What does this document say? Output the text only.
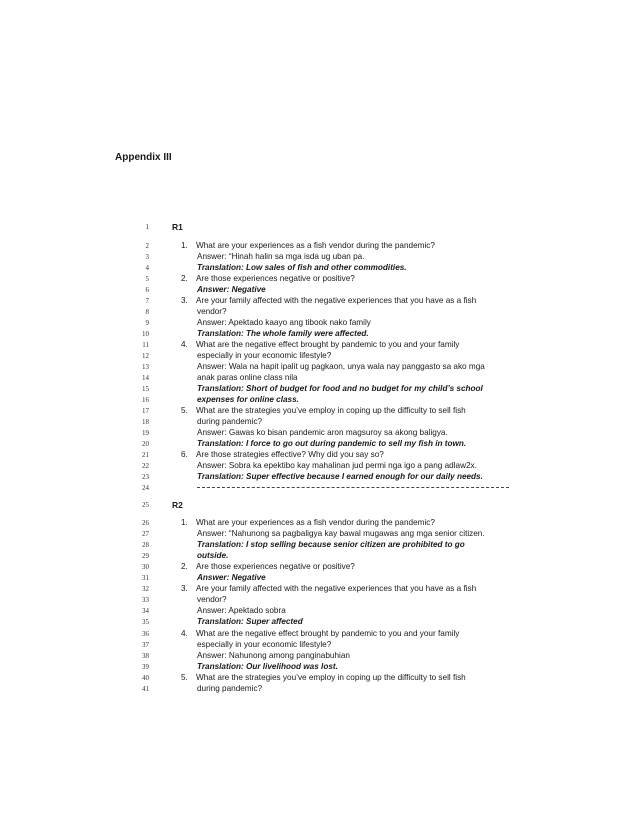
Appendix III
1	R1
2	1. What are your experiences as a fish vendor during the pandemic?
3	Answer: “Hinah halin sa mga isda ug uban pa.
4	Translation: Low sales of fish and other commodities.
5	2. Are those experiences negative or positive?
6	Answer: Negative
7	3. Are your family affected with the negative experiences that you have as a fish
8	vendor?
9	Answer: Apektado kaayo ang tibook nako family
10	Translation: The whole family were affected.
11	4. What are the negative effect brought by pandemic to you and your family
12	especially in your economic lifestyle?
13	Answer: Wala na hapit ipalit ug pagkaon, unya wala nay panggasto sa ako mga
14	anak paras online class nila
15	Translation: Short of budget for food and no budget for my child’s school
16	expenses for online class.
17	5. What are the strategies you’ve employ in coping up the difficulty to sell fish
18	during pandemic?
19	Answer: Gawas ko bisan pandemic aron magsuroy sa akong baligya.
20	Translation: I force to go out during pandemic to sell my fish in town.
21	6. Are those strategies effective? Why did you say so?
22	Answer: Sobra ka epektibo kay mahalinan jud permi nga igo a pang adlaw2x.
23	Translation: Super effective because I earned enough for our daily needs.
24
25	R2
26	1. What are your experiences as a fish vendor during the pandemic?
27	Answer: “Nahunong sa pagbaligya kay bawal mugawas ang mga senior citizen.
28	Translation: I stop selling because senior citizen are prohibited to go
29	outside.
30	2. Are those experiences negative or positive?
31	Answer: Negative
32	3. Are your family affected with the negative experiences that you have as a fish
33	vendor?
34	Answer: Apektado sobra
35	Translation: Super affected
36	4. What are the negative effect brought by pandemic to you and your family
37	especially in your economic lifestyle?
38	Answer: Nahunong among panginabuhian
39	Translation: Our livelihood was lost.
40	5. What are the strategies you’ve employ in coping up the difficulty to sell fish
41	during pandemic?
